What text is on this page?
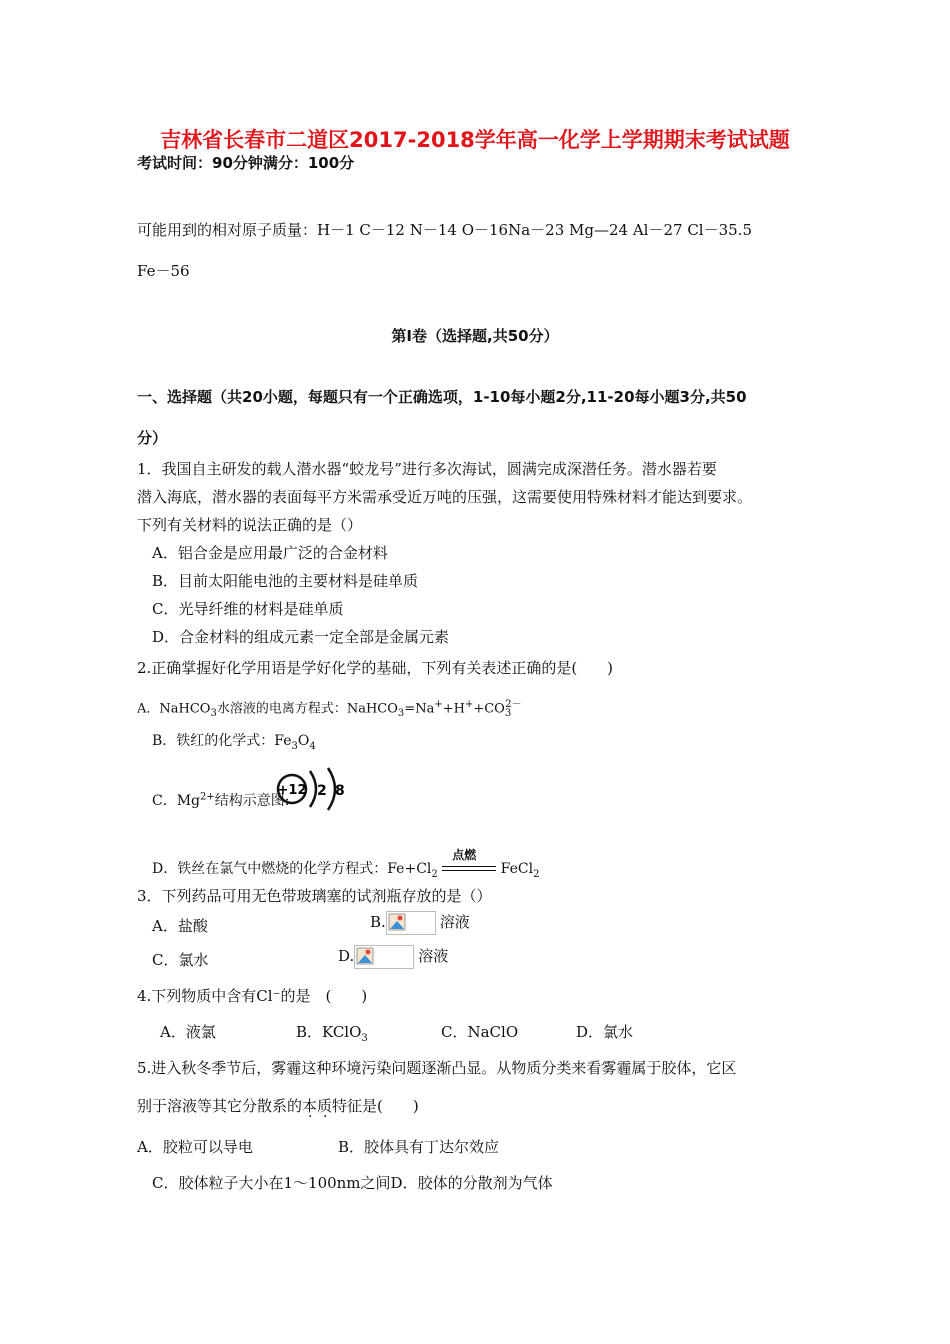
吉林省长春市二道区2017-2018学年高一化学上学期期末考试试题
考试时间：90分钟满分：100分
可能用到的相对原子质量：H－1 C－12 N－14 O－16Na－23 Mg—24 Al－27 Cl－35.5
Fe－56
第Ⅰ卷（选择题,共50分）
一、选择题（共20小题，每题只有一个正确选项，1-10每小题2分,11-20每小题3分,共50
分）
1．我国自主研发的载人潜水器“蛟龙号”进行多次海试，圆满完成深潜任务。潜水器若要
潜入海底，潜水器的表面每平方米需承受近万吨的压强，这需要使用特殊材料才能达到要求。
下列有关材料的说法正确的是（）
A．铝合金是应用最广泛的合金材料
B．目前太阳能电池的主要材料是硅单质
C．光导纤维的材料是硅单质
D．合金材料的组成元素一定全部是金属元素
2.正确掌握好化学用语是学好化学的基础，下列有关表述正确的是(　　)
A．NaHCO$_3$水溶液的电离方程式：$NaHCO_3=Na^++H^++CO_3^{2-}$
B．铁红的化学式：$Fe_3O_4$
C．$Mg^{2+}$结构示意图:
+12 2 8
D．铁丝在氯气中燃烧的化学方程式：$Fe+Cl_2$
点燃
FeCl$_2$
3．下列药品可用无色带玻璃塞的试剂瓶存放的是（）
A．盐酸	B.	溶液
C．氯水	D.	溶液
4.下列物质中含有Cl⁻的是　(　　)
A．液氯	B．KClO$_3$	C．NaClO	D．氯水
5.进入秋冬季节后，雾霾这种环境污染问题逐渐凸显。从物质分类来看雾霾属于胶体，它区
别于溶液等其它分散系的本质特征是(　　)
A．胶粒可以导电	B．胶体具有丁达尔效应
C．胶体粒子大小在1～100nm之间D．胶体的分散剂为气体
